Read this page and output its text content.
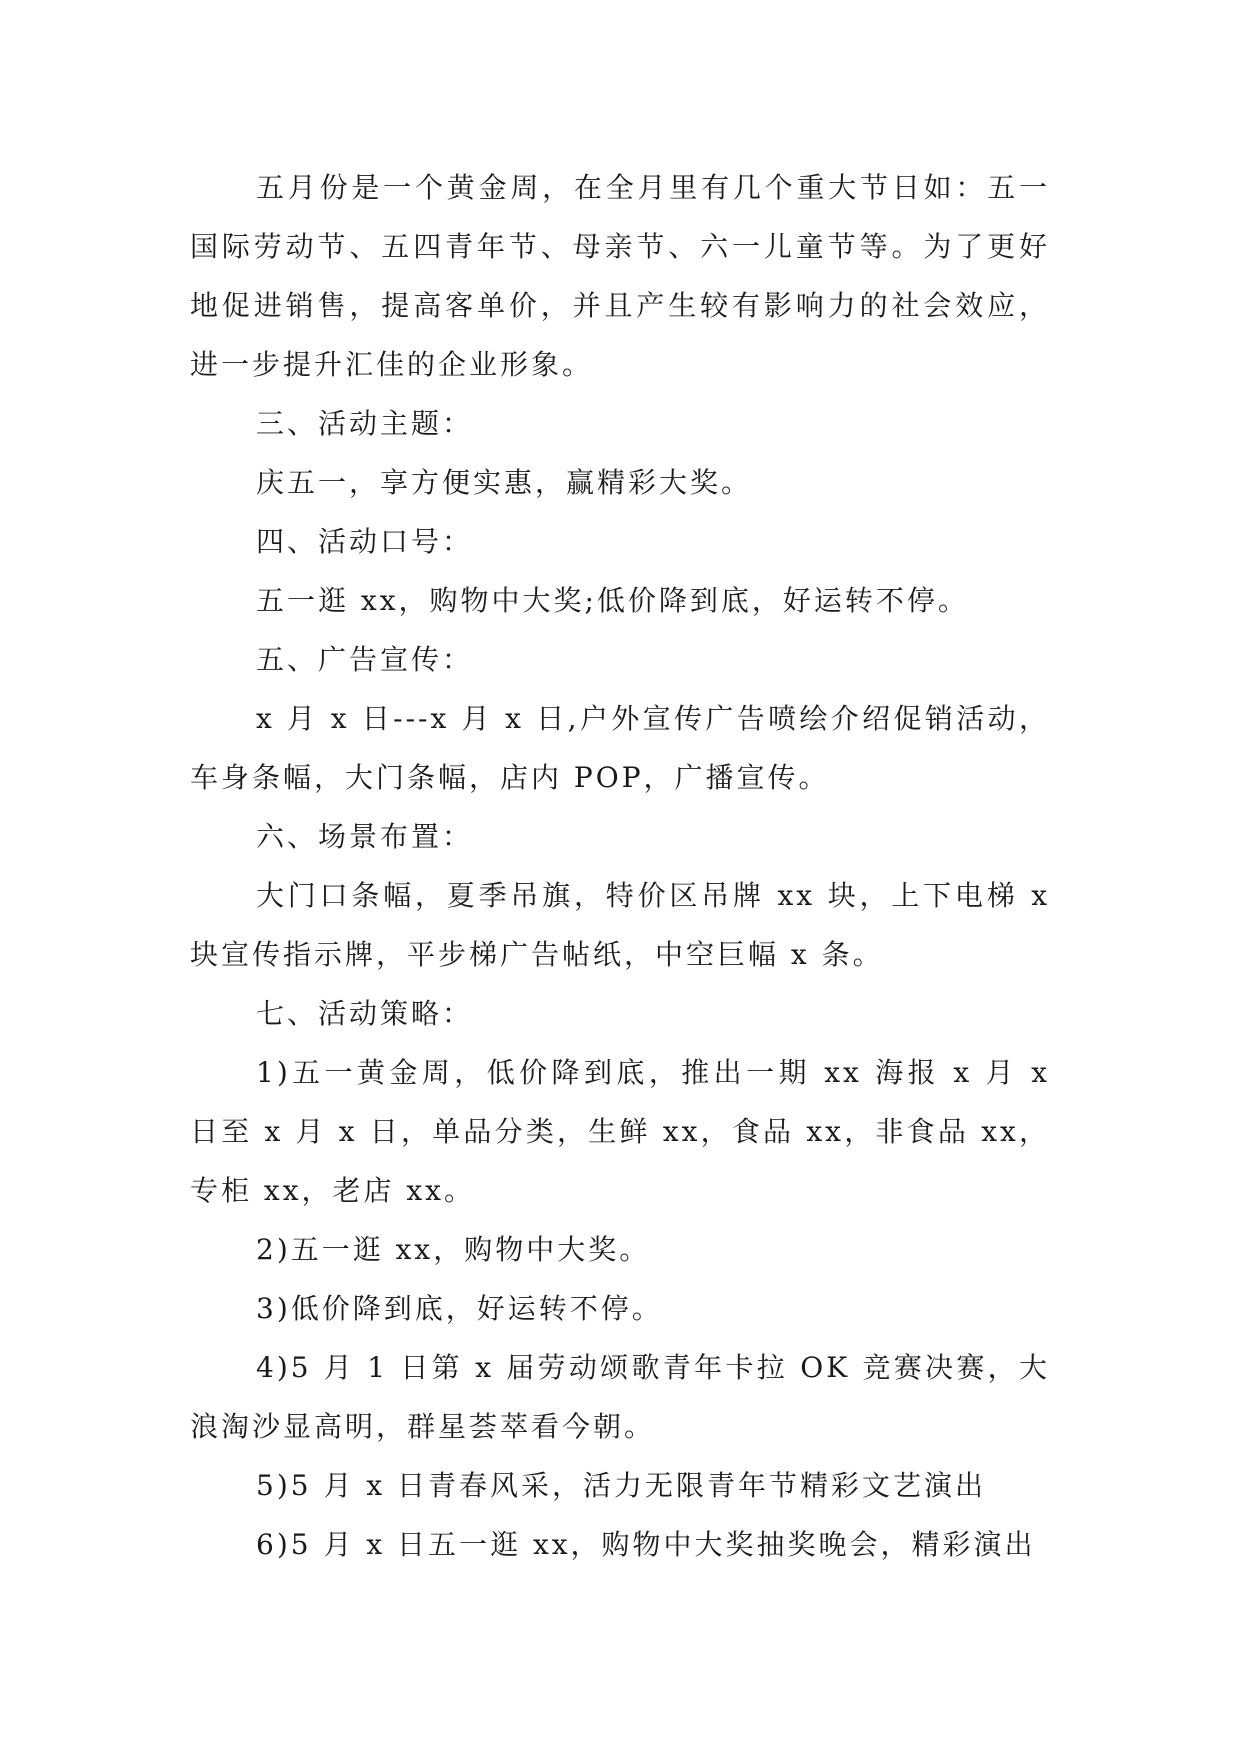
五月份是一个黄金周，在全月里有几个重大节日如：五一国际劳动节、五四青年节、母亲节、六一儿童节等。为了更好地促进销售，提高客单价，并且产生较有影响力的社会效应，进一步提升汇佳的企业形象。

三、活动主题：

庆五一，享方便实惠，赢精彩大奖。

四、活动口号：

五一逛 xx，购物中大奖;低价降到底，好运转不停。

五、广告宣传：

x 月 x 日---x 月 x 日,户外宣传广告喷绘介绍促销活动，车身条幅，大门条幅，店内 POP，广播宣传。

六、场景布置：

大门口条幅，夏季吊旗，特价区吊牌 xx 块，上下电梯 x 块宣传指示牌，平步梯广告帖纸，中空巨幅 x 条。

七、活动策略：

1)五一黄金周，低价降到底，推出一期 xx 海报 x 月 x 日至 x 月 x 日，单品分类，生鲜 xx，食品 xx，非食品 xx，专柜 xx，老店 xx。

2)五一逛 xx，购物中大奖。

3)低价降到底，好运转不停。

4)5 月 1 日第 x 届劳动颂歌青年卡拉 OK 竞赛决赛，大浪淘沙显高明，群星荟萃看今朝。

5)5 月 x 日青春风采，活力无限青年节精彩文艺演出

6)5 月 x 日五一逛 xx，购物中大奖抽奖晚会，精彩演出
